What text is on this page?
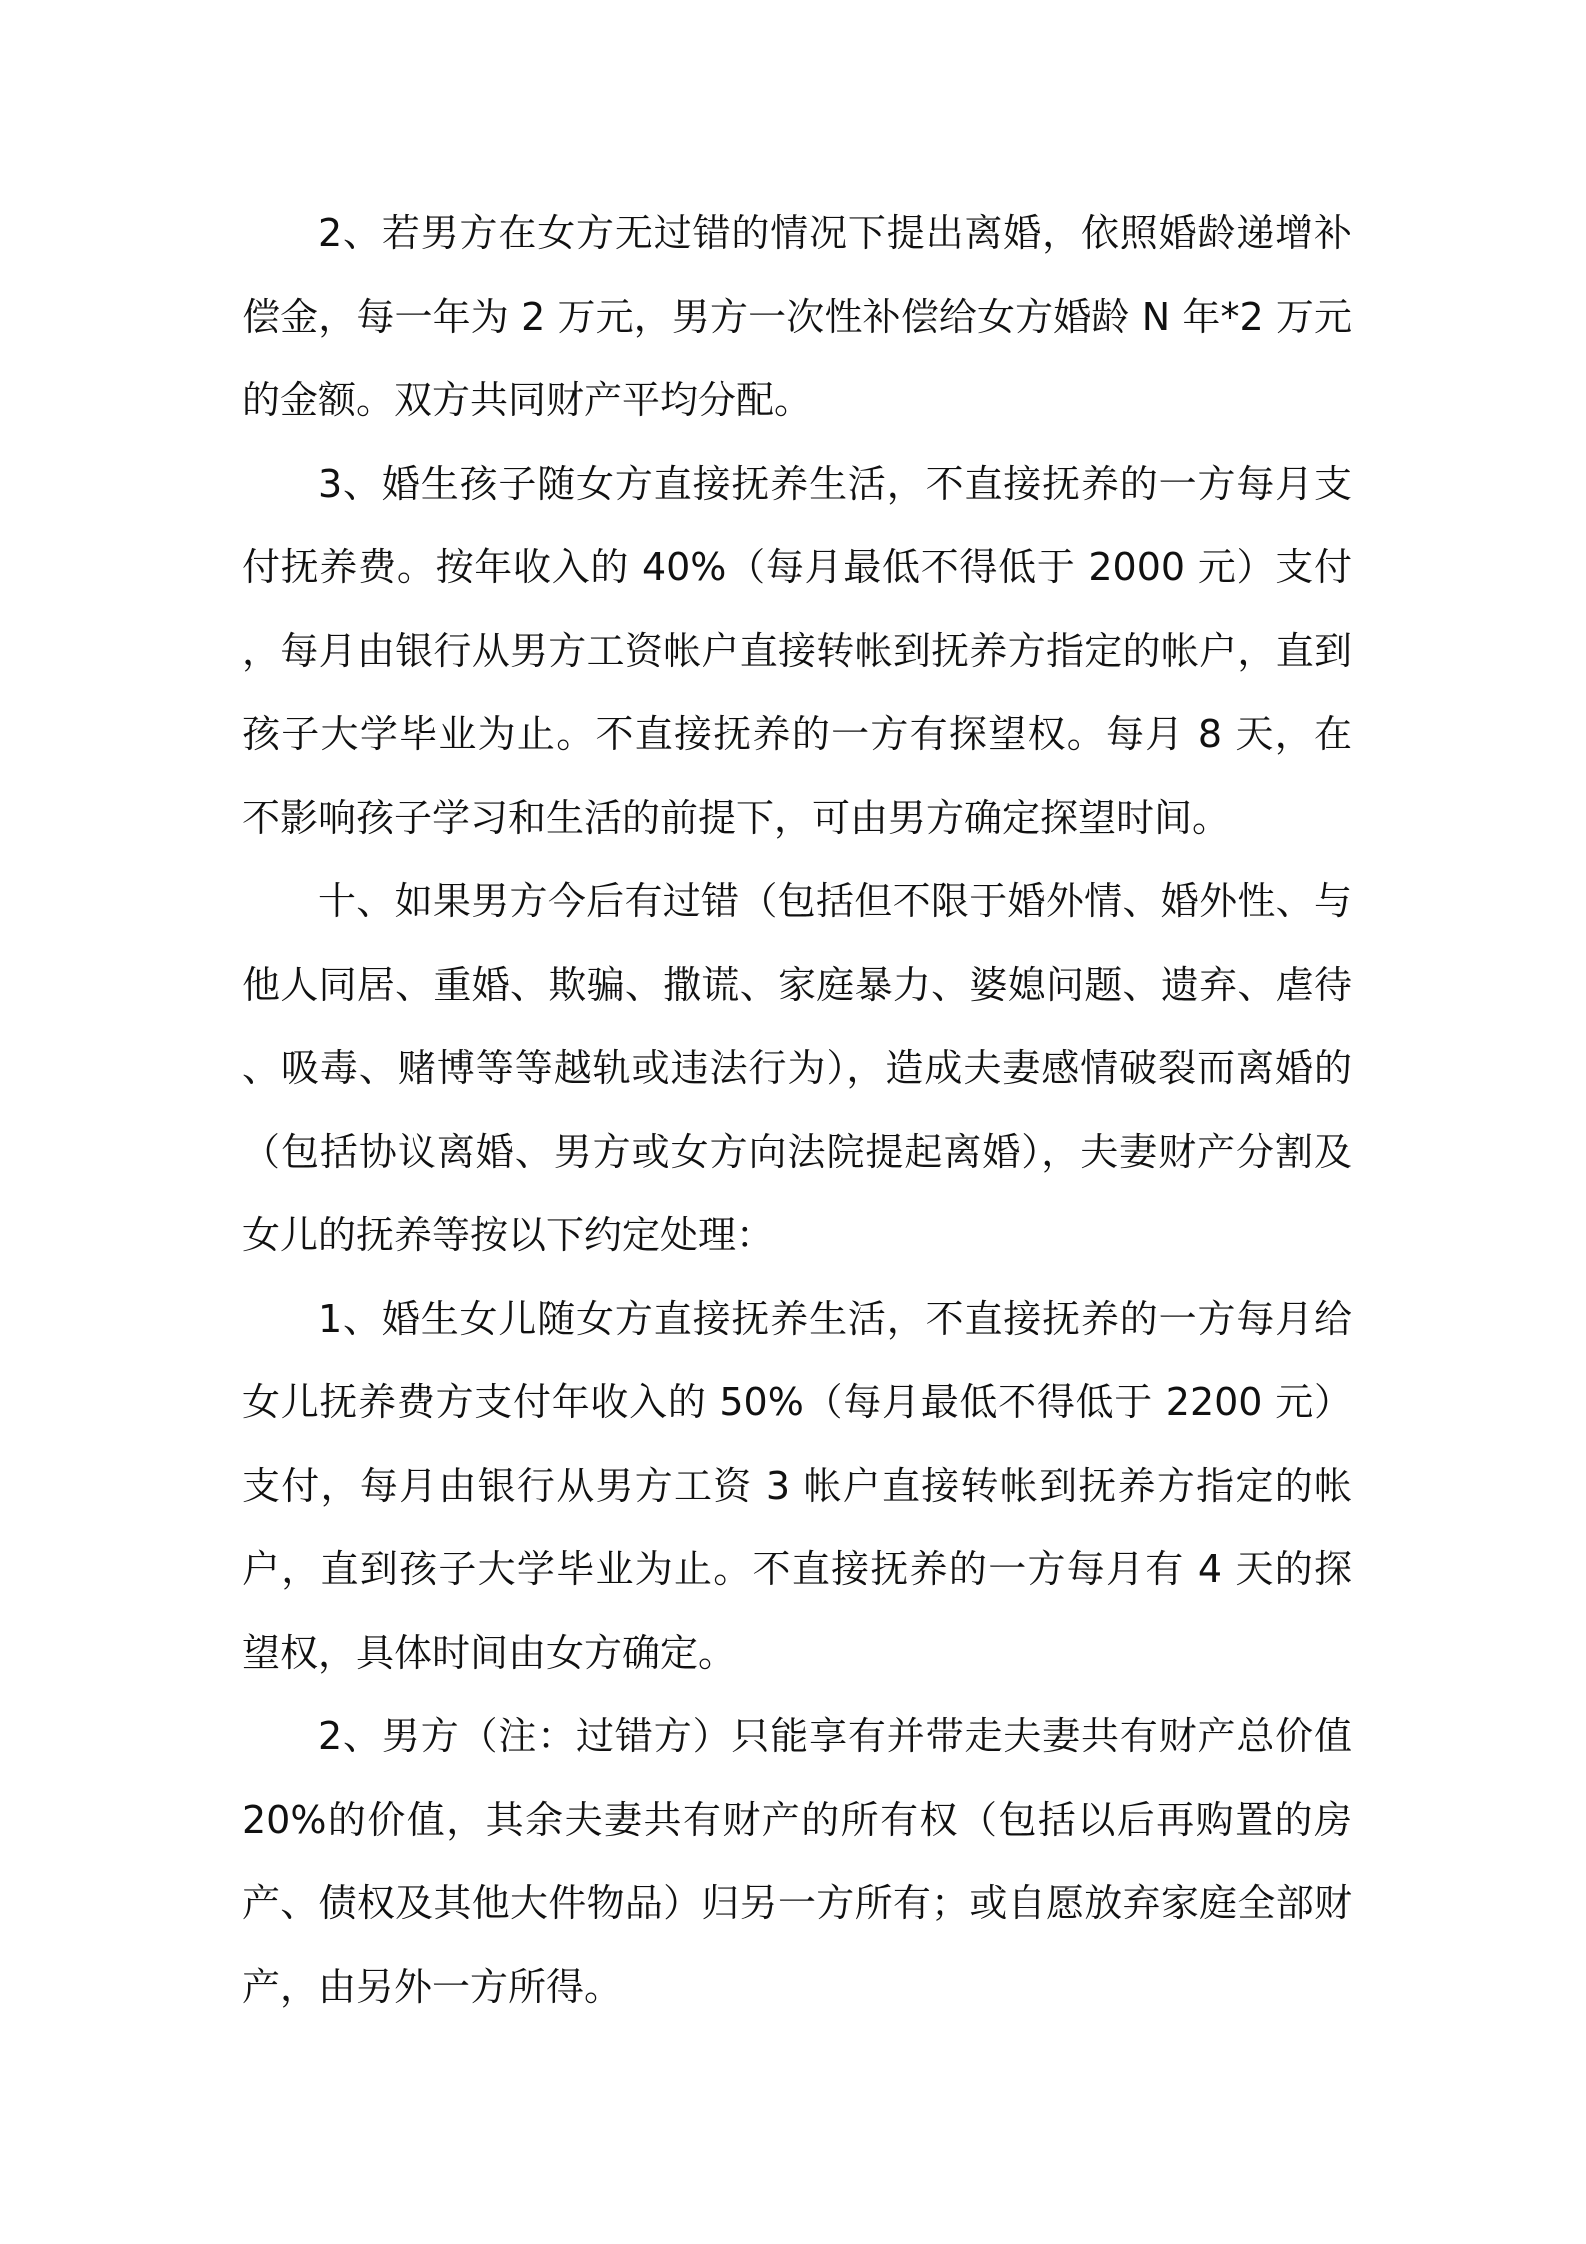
2、若男方在女方无过错的情况下提出离婚，依照婚龄递增补偿金，每一年为 2 万元，男方一次性补偿给女方婚龄 N 年*2 万元的金额。双方共同财产平均分配。

3、婚生孩子随女方直接抚养生活，不直接抚养的一方每月支付抚养费。按年收入的 40%（每月最低不得低于 2000 元）支付，每月由银行从男方工资帐户直接转帐到抚养方指定的帐户，直到孩子大学毕业为止。不直接抚养的一方有探望权。每月 8 天，在不影响孩子学习和生活的前提下，可由男方确定探望时间。

十、如果男方今后有过错（包括但不限于婚外情、婚外性、与他人同居、重婚、欺骗、撒谎、家庭暴力、婆媳问题、遗弃、虐待、吸毒、赌博等等越轨或违法行为），造成夫妻感情破裂而离婚的（包括协议离婚、男方或女方向法院提起离婚），夫妻财产分割及女儿的抚养等按以下约定处理：

1、婚生女儿随女方直接抚养生活，不直接抚养的一方每月给女儿抚养费方支付年收入的 50%（每月最低不得低于 2200 元）支付，每月由银行从男方工资 3 帐户直接转帐到抚养方指定的帐户，直到孩子大学毕业为止。不直接抚养的一方每月有 4 天的探望权，具体时间由女方确定。

2、男方（注：过错方）只能享有并带走夫妻共有财产总价值 20%的价值，其余夫妻共有财产的所有权（包括以后再购置的房产、债权及其他大件物品）归另一方所有；或自愿放弃家庭全部财产，由另外一方所得。
